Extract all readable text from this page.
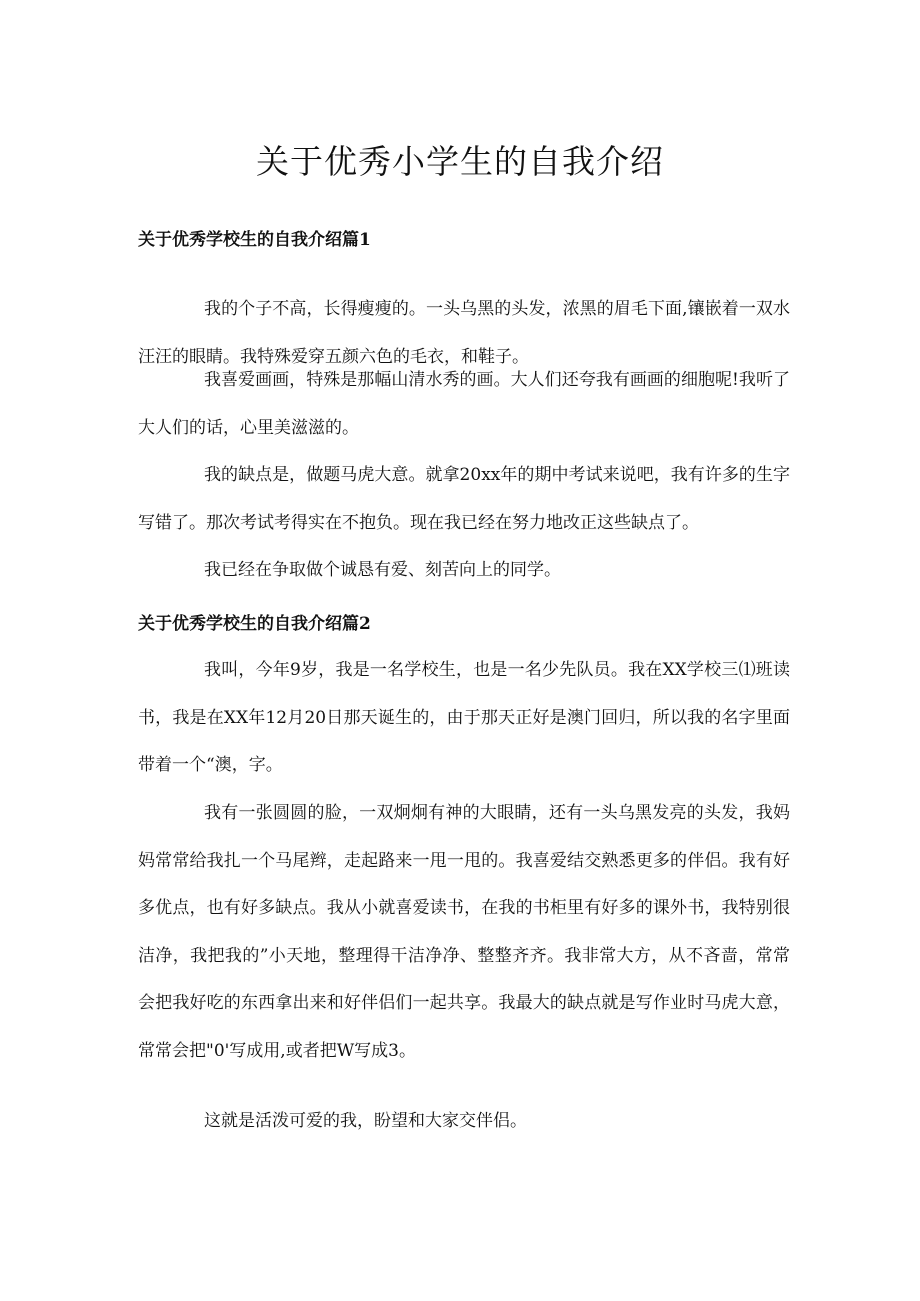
关于优秀小学生的自我介绍
关于优秀学校生的自我介绍篇1

我的个子不高，长得瘦瘦的。一头乌黑的头发，浓黑的眉毛下面,镶嵌着一双水汪汪的眼睛。我特殊爱穿五颜六色的毛衣，和鞋子。

我喜爱画画，特殊是那幅山清水秀的画。大人们还夸我有画画的细胞呢!我听了大人们的话，心里美滋滋的。

我的缺点是，做题马虎大意。就拿20xx年的期中考试来说吧，我有许多的生字写错了。那次考试考得实在不抱负。现在我已经在努力地改正这些缺点了。

我已经在争取做个诚恳有爱、刻苦向上的同学。

关于优秀学校生的自我介绍篇2

我叫，今年9岁，我是一名学校生，也是一名少先队员。我在XX学校三⑴班读书，我是在XX年12月20日那天诞生的，由于那天正好是澳门回归，所以我的名字里面带着一个“澳，字。

我有一张圆圆的脸，一双炯炯有神的大眼睛，还有一头乌黑发亮的头发，我妈妈常常给我扎一个马尾辫，走起路来一甩一甩的。我喜爱结交熟悉更多的伴侣。我有好多优点，也有好多缺点。我从小就喜爱读书，在我的书柜里有好多的课外书，我特别很洁净，我把我的”小天地，整理得干洁净净、整整齐齐。我非常大方，从不吝啬，常常会把我好吃的东西拿出来和好伴侣们一起共享。我最大的缺点就是写作业时马虎大意，常常会把"0'写成用,或者把W写成3。

这就是活泼可爱的我，盼望和大家交伴侣。
